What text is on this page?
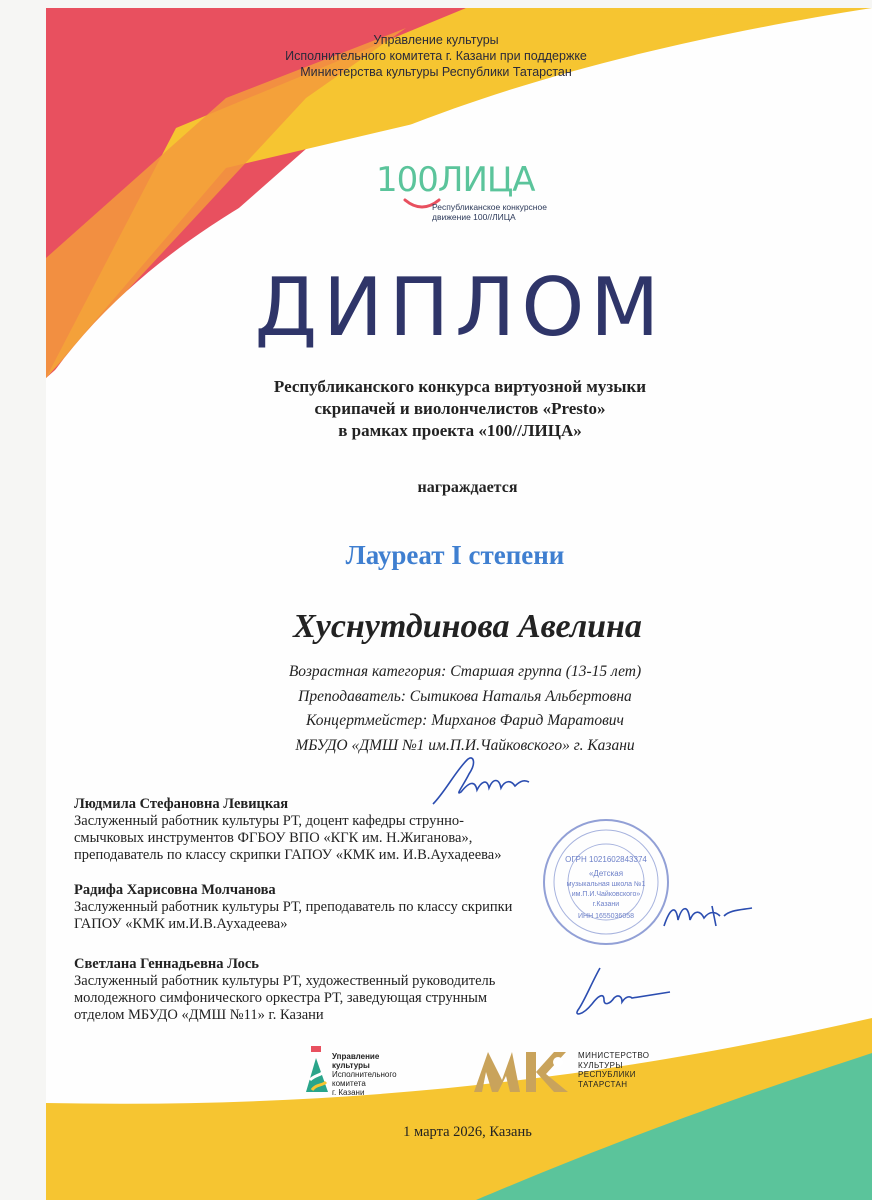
Управление культуры
Исполнительного комитета г. Казани при поддержке
Министерства культуры Республики Татарстан
100ЛИЦА
Республиканское конкурсное
движение 100//ЛИЦА
ДИПЛОМ
Республиканского конкурса виртуозной музыки
скрипачей и виолончелистов «Presto»
в рамках проекта «100//ЛИЦА»
награждается
Лауреат I степени
Хуснутдинова Авелина
Возрастная категория: Старшая группа (13-15 лет)
Преподаватель: Сытикова Наталья Альбертовна
Концертмейстер: Мирханов Фарид Маратович
МБУДО «ДМШ №1 им.П.И.Чайковского» г. Казани
Людмила Стефановна Левицкая
Заслуженный работник культуры РТ, доцент кафедры струнно-
смычковых инструментов ФГБОУ ВПО «КГК им. Н.Жиганова»,
преподаватель по классу скрипки ГАПОУ «КМК им. И.В.Аухадеева»	ОГРН 1021602843374
«Детская
музыкальная школа №1
им.П.И.Чайковского»
г.Казани
ИНН 1655036058
Радифа Харисовна Молчанова
Заслуженный работник культуры РТ, преподаватель по классу скрипки
ГАПОУ «КМК им.И.В.Аухадеева»
Светлана Геннадьевна Лось
Заслуженный работник культуры РТ, художественный руководитель
молодежного симфонического оркестра РТ, заведующая струнным
отделом МБУДО «ДМШ №11» г. Казани
Управление
культуры
Исполнительного
комитета
г. Казани
МИНИСТЕРСТВО
КУЛЬТУРЫ
РЕСПУБЛИКИ
ТАТАРСТАН
1 марта 2026, Казань
